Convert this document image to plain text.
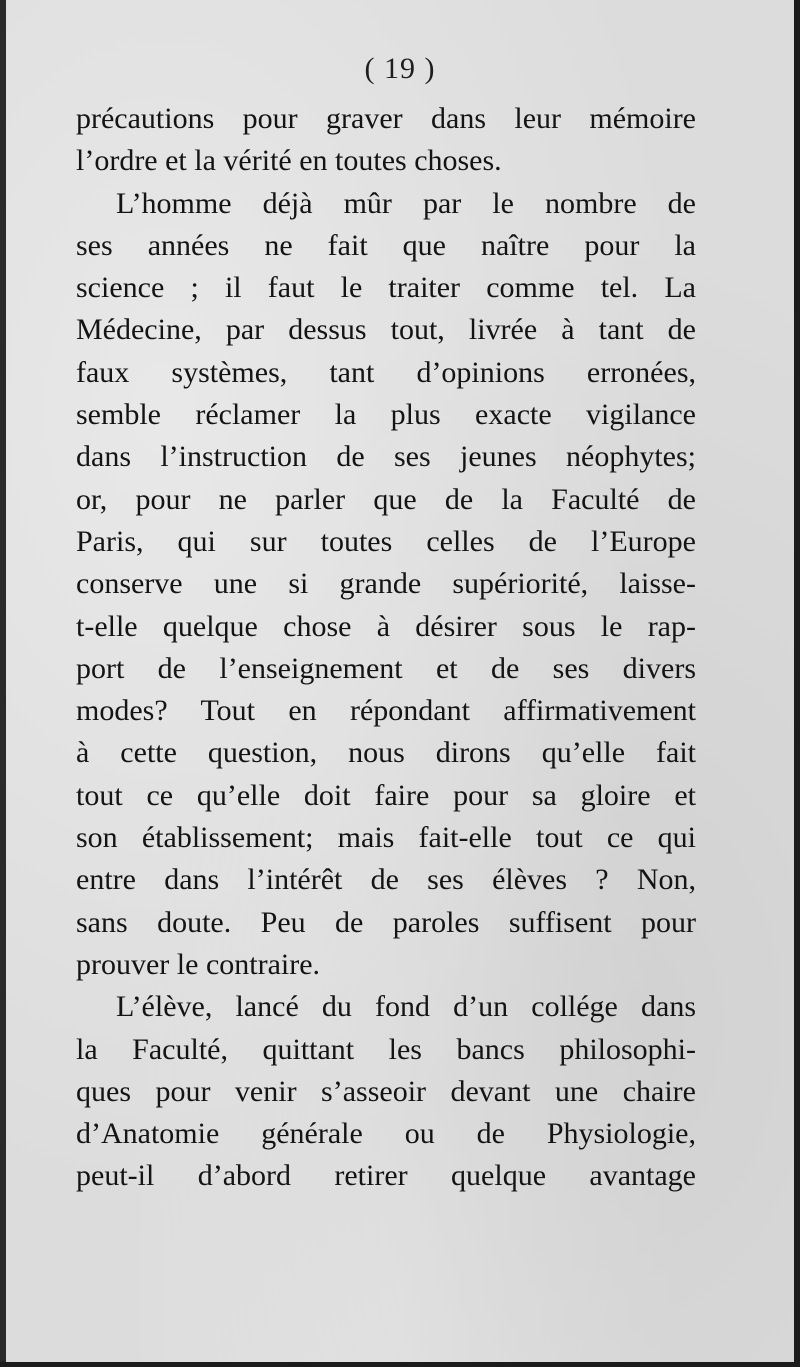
( 19 )
précautions pour graver dans leur mémoire
l’ordre et la vérité en toutes choses.
L’homme déjà mûr par le nombre de
ses années ne fait que naître pour la
science ; il faut le traiter comme tel. La
Médecine, par dessus tout, livrée à tant de
faux systèmes, tant d’opinions erronées,
semble réclamer la plus exacte vigilance
dans l’instruction de ses jeunes néophytes;
or, pour ne parler que de la Faculté de
Paris, qui sur toutes celles de l’Europe
conserve une si grande supériorité, laisse-
t-elle quelque chose à désirer sous le rap-
port de l’enseignement et de ses divers
modes? Tout en répondant affirmativement
à cette question, nous dirons qu’elle fait
tout ce qu’elle doit faire pour sa gloire et
son établissement; mais fait-elle tout ce qui
entre dans l’intérêt de ses élèves ? Non,
sans doute. Peu de paroles suffisent pour
prouver le contraire.
L’élève, lancé du fond d’un collége dans
la Faculté, quittant les bancs philosophi-
ques pour venir s’asseoir devant une chaire
d’Anatomie générale ou de Physiologie,
peut-il d’abord retirer quelque avantage
